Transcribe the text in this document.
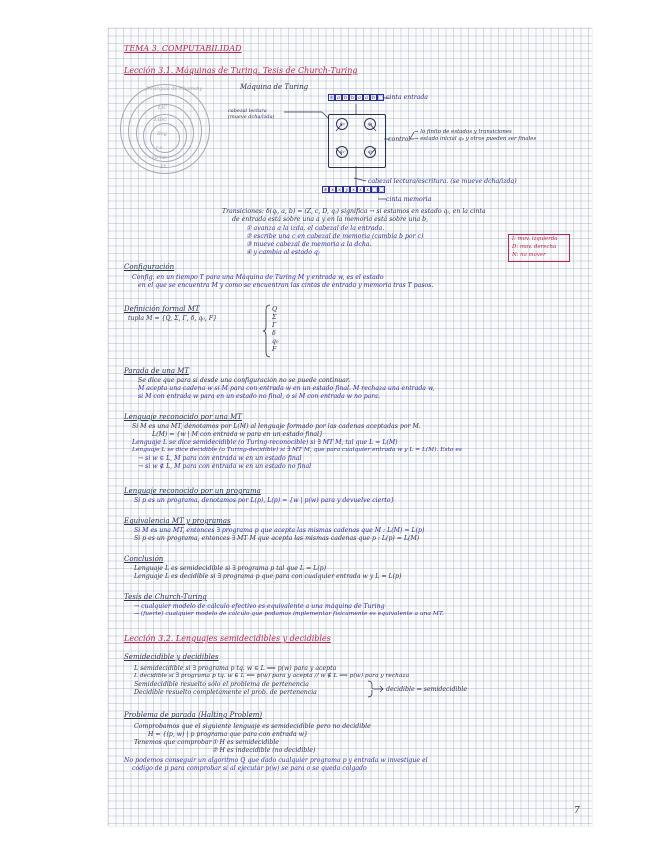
TEMA 3. COMPUTABILIDAD
Lección 3.1. Máquinas de Turing. Tesis de Church-Turing
Jerarquía de Chomsky
Reg
LIC
LIDC
r.e.
co-r.e.
Σ*
Máquina de Turing
$ a b b a a b □ cinta entrada
cabezal lectura
(mueve dcha/izda)
q₀	q₁
q₂	q₃
control
→ lo finito de estados y transiciones
→ estado inicial q₀ y otros pueden ser finales
$ x x y x x x □ □
cabezal lectura/escritura. (se mueve dcha/izda)
cinta memoria
Transiciones: δ(qᵢ, a, b) = (Z, c, D, qⱼ) significa → si estamos en estado qᵢ, en la cinta
de entrada está sobre una a y en la memoria está sobre una b,
① avanza a la izda. el cabezal de la entrada.
② escribe una c en cabezal de memoria (cambia b por c)
③ mueve cabezal de memoria a la dcha.
④ y cambia al estado qⱼ
I: mov. izquierda
D: mov. derecha
N: no mover
Configuración
Config. en un tiempo T para una Máquina de Turing M y entrada w, es el estado
en el que se encuentra M y como se encuentran las cintas de entrada y memoria tras T pasos.
Definición formal MT
tupla M = {Q, Σ, Γ, δ, q₀, F}
Q
Σ
Γ
δ
q₀
F
Parada de una MT
Se dice que para si desde una configuración no se puede continuar.
M acepta una cadena w si M para con entrada w en un estado final. M rechaza una entrada w,
si M con entrada w para en un estado no final, o si M con entrada w no para.
Lenguaje reconocido por una MT
Si M es una MT, denotamos por L(M) al lenguaje formado por las cadenas aceptadas por M.
L(M) = {w | M con entrada w para en un estado final}
Lenguaje L se dice semidecidible (o Turing-reconocible) si ∃ MT M, tal que L = L(M)
Lenguaje L se dice decidible (o Turing-decidible) si ∃ MT M, que para cualquier entrada w y L = L(M). Esto es
→ si w ∈ L, M para con entrada w en un estado final
→ si w ∉ L, M para con entrada w en un estado no final
Lenguaje reconocido por un programa
Si p es un programa, denotamos por L(p), L(p) = {w | p(w) para y devuelve cierto}
Equivalencia MT y programas
Si M es una MT, entonces ∃ programa p que acepta las mismas cadenas que M : L(M) = L(p)
Si p es un programa, entonces ∃ MT M que acepta las mismas cadenas que p : L(p) = L(M)
Conclusión
Lenguaje L es semidecidible si ∃ programa p tal que L = L(p)
Lenguaje L es decidible si ∃ programa p que para con cualquier entrada w y L = L(p)
Tesis de Church-Turing
→ cualquier modelo de cálculo efectivo es equivalente a una máquina de Turing
→ (fuerte) cualquier modelo de cálculo que podamos implementar físicamente es equivalente a una MT.
Lección 3.2. Lenguajes semidecidibles y decidibles
Semidecidible y decidibles
L semidecidible si ∃ programa p tq. w ∈ L ⟺ p(w) para y acepta
L decidible si ∃ programa p tq. w ∈ L ⟺ p(w) para y acepta // w ∉ L ⟺ p(w) para y rechaza
Semidecidible resuelto sólo el problema de pertenencia
Decidible resuelto completamente el prob. de pertenencia	decidible ⇒ semidecidible
Problema de parada (Halting Problem)
Comprobamos que el siguiente lenguaje es semidecidible pero no decidible
H = {(p, w) | p programa que para con entrada w}
Tenemos que comprobar ① H es semidecidible
② H es indecidible (no decidible)
No podemos conseguir un algoritmo Q que dado cualquier programa p y entrada w investigue el
código de p para comprobar si al ejecutar p(w) se para o se queda colgado
7
